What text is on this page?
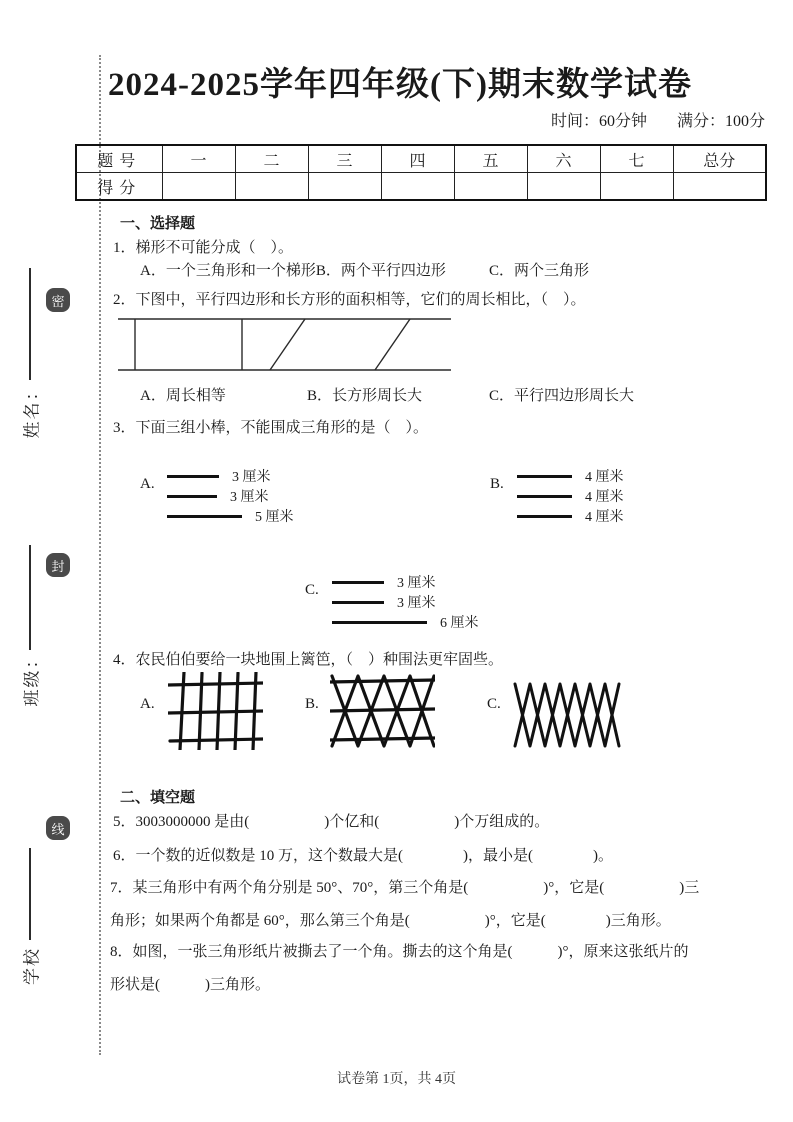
姓名：
班级：
学校
密
封
线
2024-2025学年四年级(下)期末数学试卷
时间：60分钟 满分：100分
题号	一	二	三	四	五	六	七	总分
得分								
一、选择题
1．梯形不可能分成（　）。
A．一个三角形和一个梯形B．两个平行四边形	C．两个三角形
2．下图中，平行四边形和长方形的面积相等，它们的周长相比，（　）。
A．周长相等	B．长方形周长大	C．平行四边形周长大
3．下面三组小棒，不能围成三角形的是（　）。
A.	3 厘米
3 厘米
5 厘米
B.	4 厘米
4 厘米
4 厘米
C.	3 厘米
3 厘米
6 厘米
4．农民伯伯要给一块地围上篱笆，（　）种围法更牢固些。
A.	B.	C.
二、填空题
5．3003000000 是由(　　　　　)个亿和(　　　　　)个万组成的。
6．一个数的近似数是 10 万，这个数最大是(　　　　)，最小是(　　　　)。
7．某三角形中有两个角分别是 50°、70°，第三个角是(　　　　　)°，它是(　　　　　)三
角形；如果两个角都是 60°，那么第三个角是(　　　　　)°，它是(　　　　)三角形。
8．如图，一张三角形纸片被撕去了一个角。撕去的这个角是(　　　)°，原来这张纸片的
形状是(　　　)三角形。
试卷第 1页，共 4页
